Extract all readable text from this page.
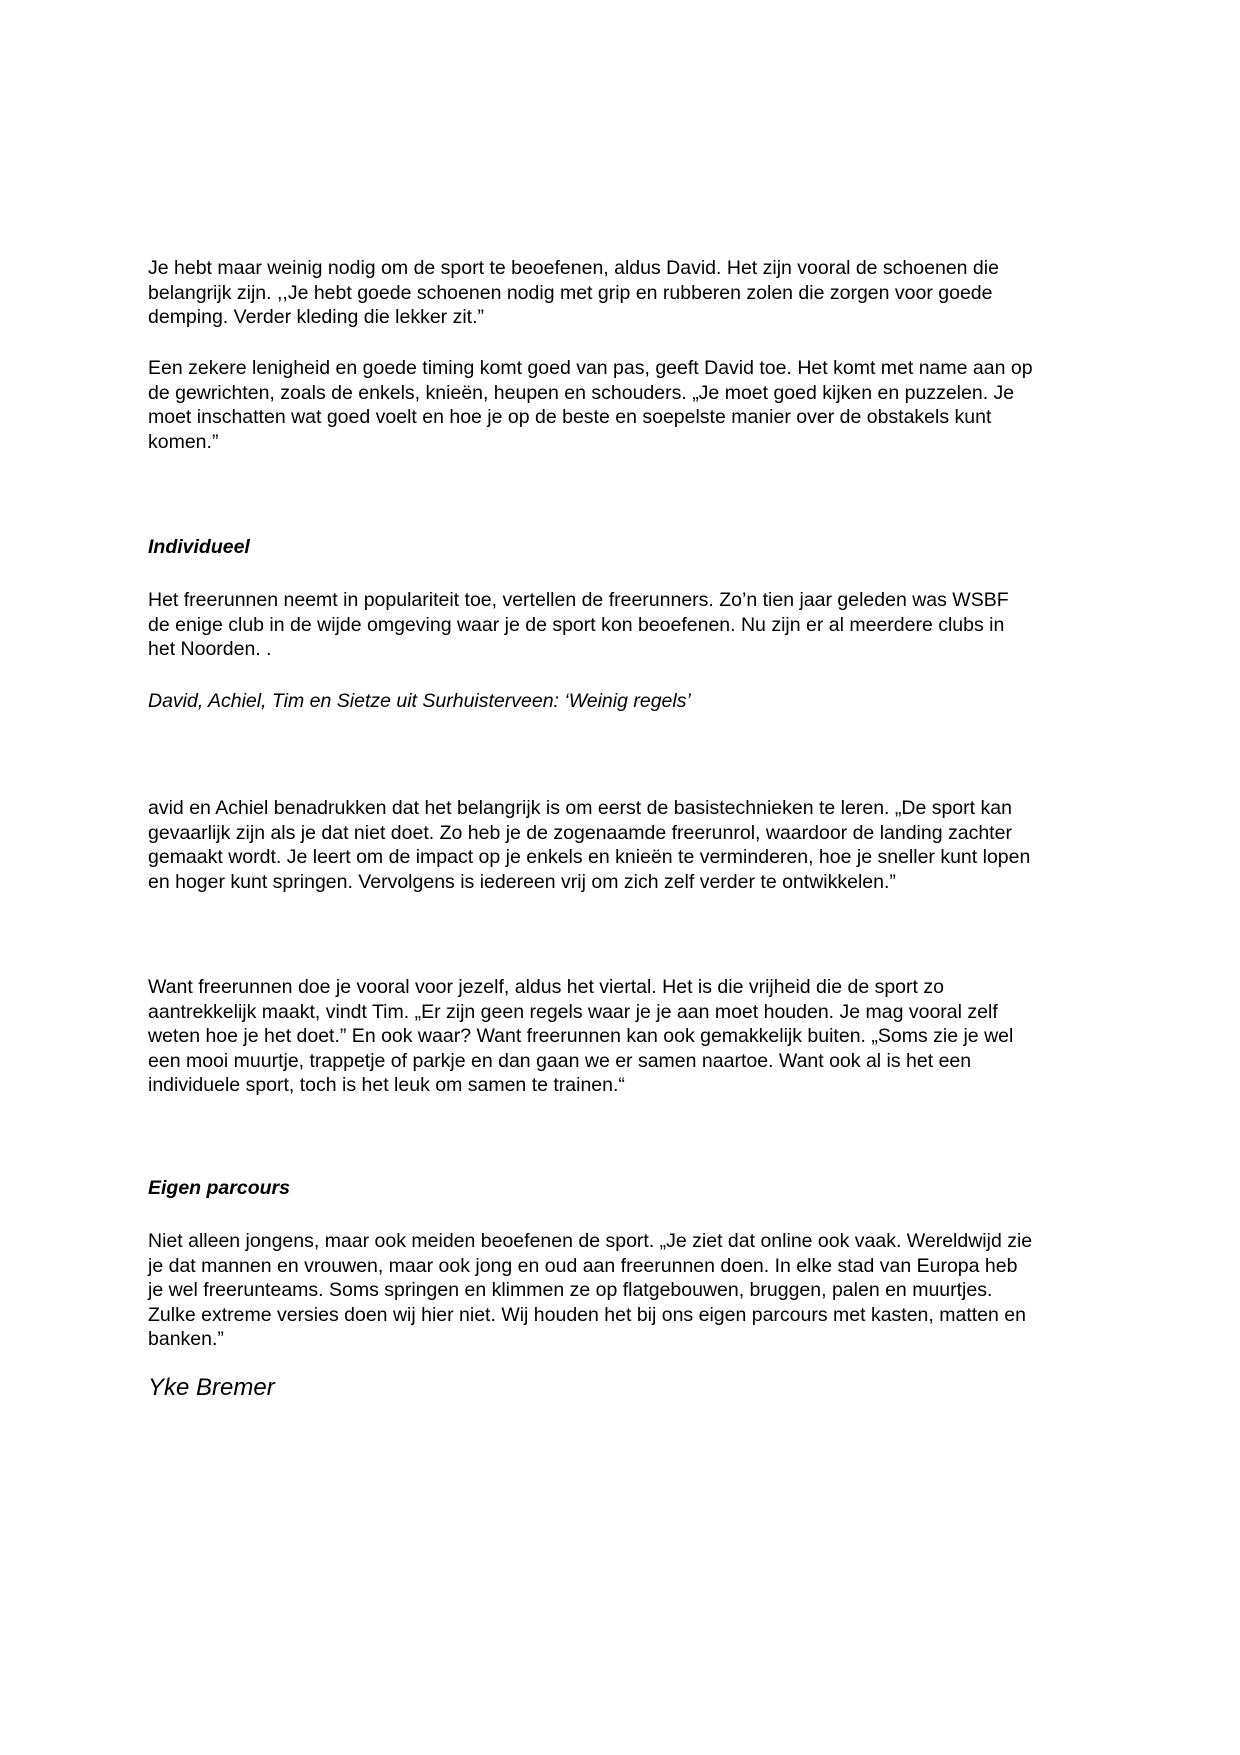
Je hebt maar weinig nodig om de sport te beoefenen, aldus David. Het zijn vooral de schoenen die
belangrijk zijn. ,,Je hebt goede schoenen nodig met grip en rubberen zolen die zorgen voor goede
demping. Verder kleding die lekker zit.”

Een zekere lenigheid en goede timing komt goed van pas, geeft David toe. Het komt met name aan op
de gewrichten, zoals de enkels, knieën, heupen en schouders. „Je moet goed kijken en puzzelen. Je
moet inschatten wat goed voelt en hoe je op de beste en soepelste manier over de obstakels kunt
komen.”

Individueel

Het freerunnen neemt in populariteit toe, vertellen de freerunners. Zo’n tien jaar geleden was WSBF
de enige club in de wijde omgeving waar je de sport kon beoefenen. Nu zijn er al meerdere clubs in
het Noorden. .

David, Achiel, Tim en Sietze uit Surhuisterveen: ‘Weinig regels’

avid en Achiel benadrukken dat het belangrijk is om eerst de basistechnieken te leren. „De sport kan
gevaarlijk zijn als je dat niet doet. Zo heb je de zogenaamde freerunrol, waardoor de landing zachter
gemaakt wordt. Je leert om de impact op je enkels en knieën te verminderen, hoe je sneller kunt lopen
en hoger kunt springen. Vervolgens is iedereen vrij om zich zelf verder te ontwikkelen.”

Want freerunnen doe je vooral voor jezelf, aldus het viertal. Het is die vrijheid die de sport zo
aantrekkelijk maakt, vindt Tim. „Er zijn geen regels waar je je aan moet houden. Je mag vooral zelf
weten hoe je het doet.” En ook waar? Want freerunnen kan ook gemakkelijk buiten. „Soms zie je wel
een mooi muurtje, trappetje of parkje en dan gaan we er samen naartoe. Want ook al is het een
individuele sport, toch is het leuk om samen te trainen.“

Eigen parcours

Niet alleen jongens, maar ook meiden beoefenen de sport. „Je ziet dat online ook vaak. Wereldwijd zie
je dat mannen en vrouwen, maar ook jong en oud aan freerunnen doen. In elke stad van Europa heb
je wel freerunteams. Soms springen en klimmen ze op flatgebouwen, bruggen, palen en muurtjes.
Zulke extreme versies doen wij hier niet. Wij houden het bij ons eigen parcours met kasten, matten en
banken.”

Yke Bremer
